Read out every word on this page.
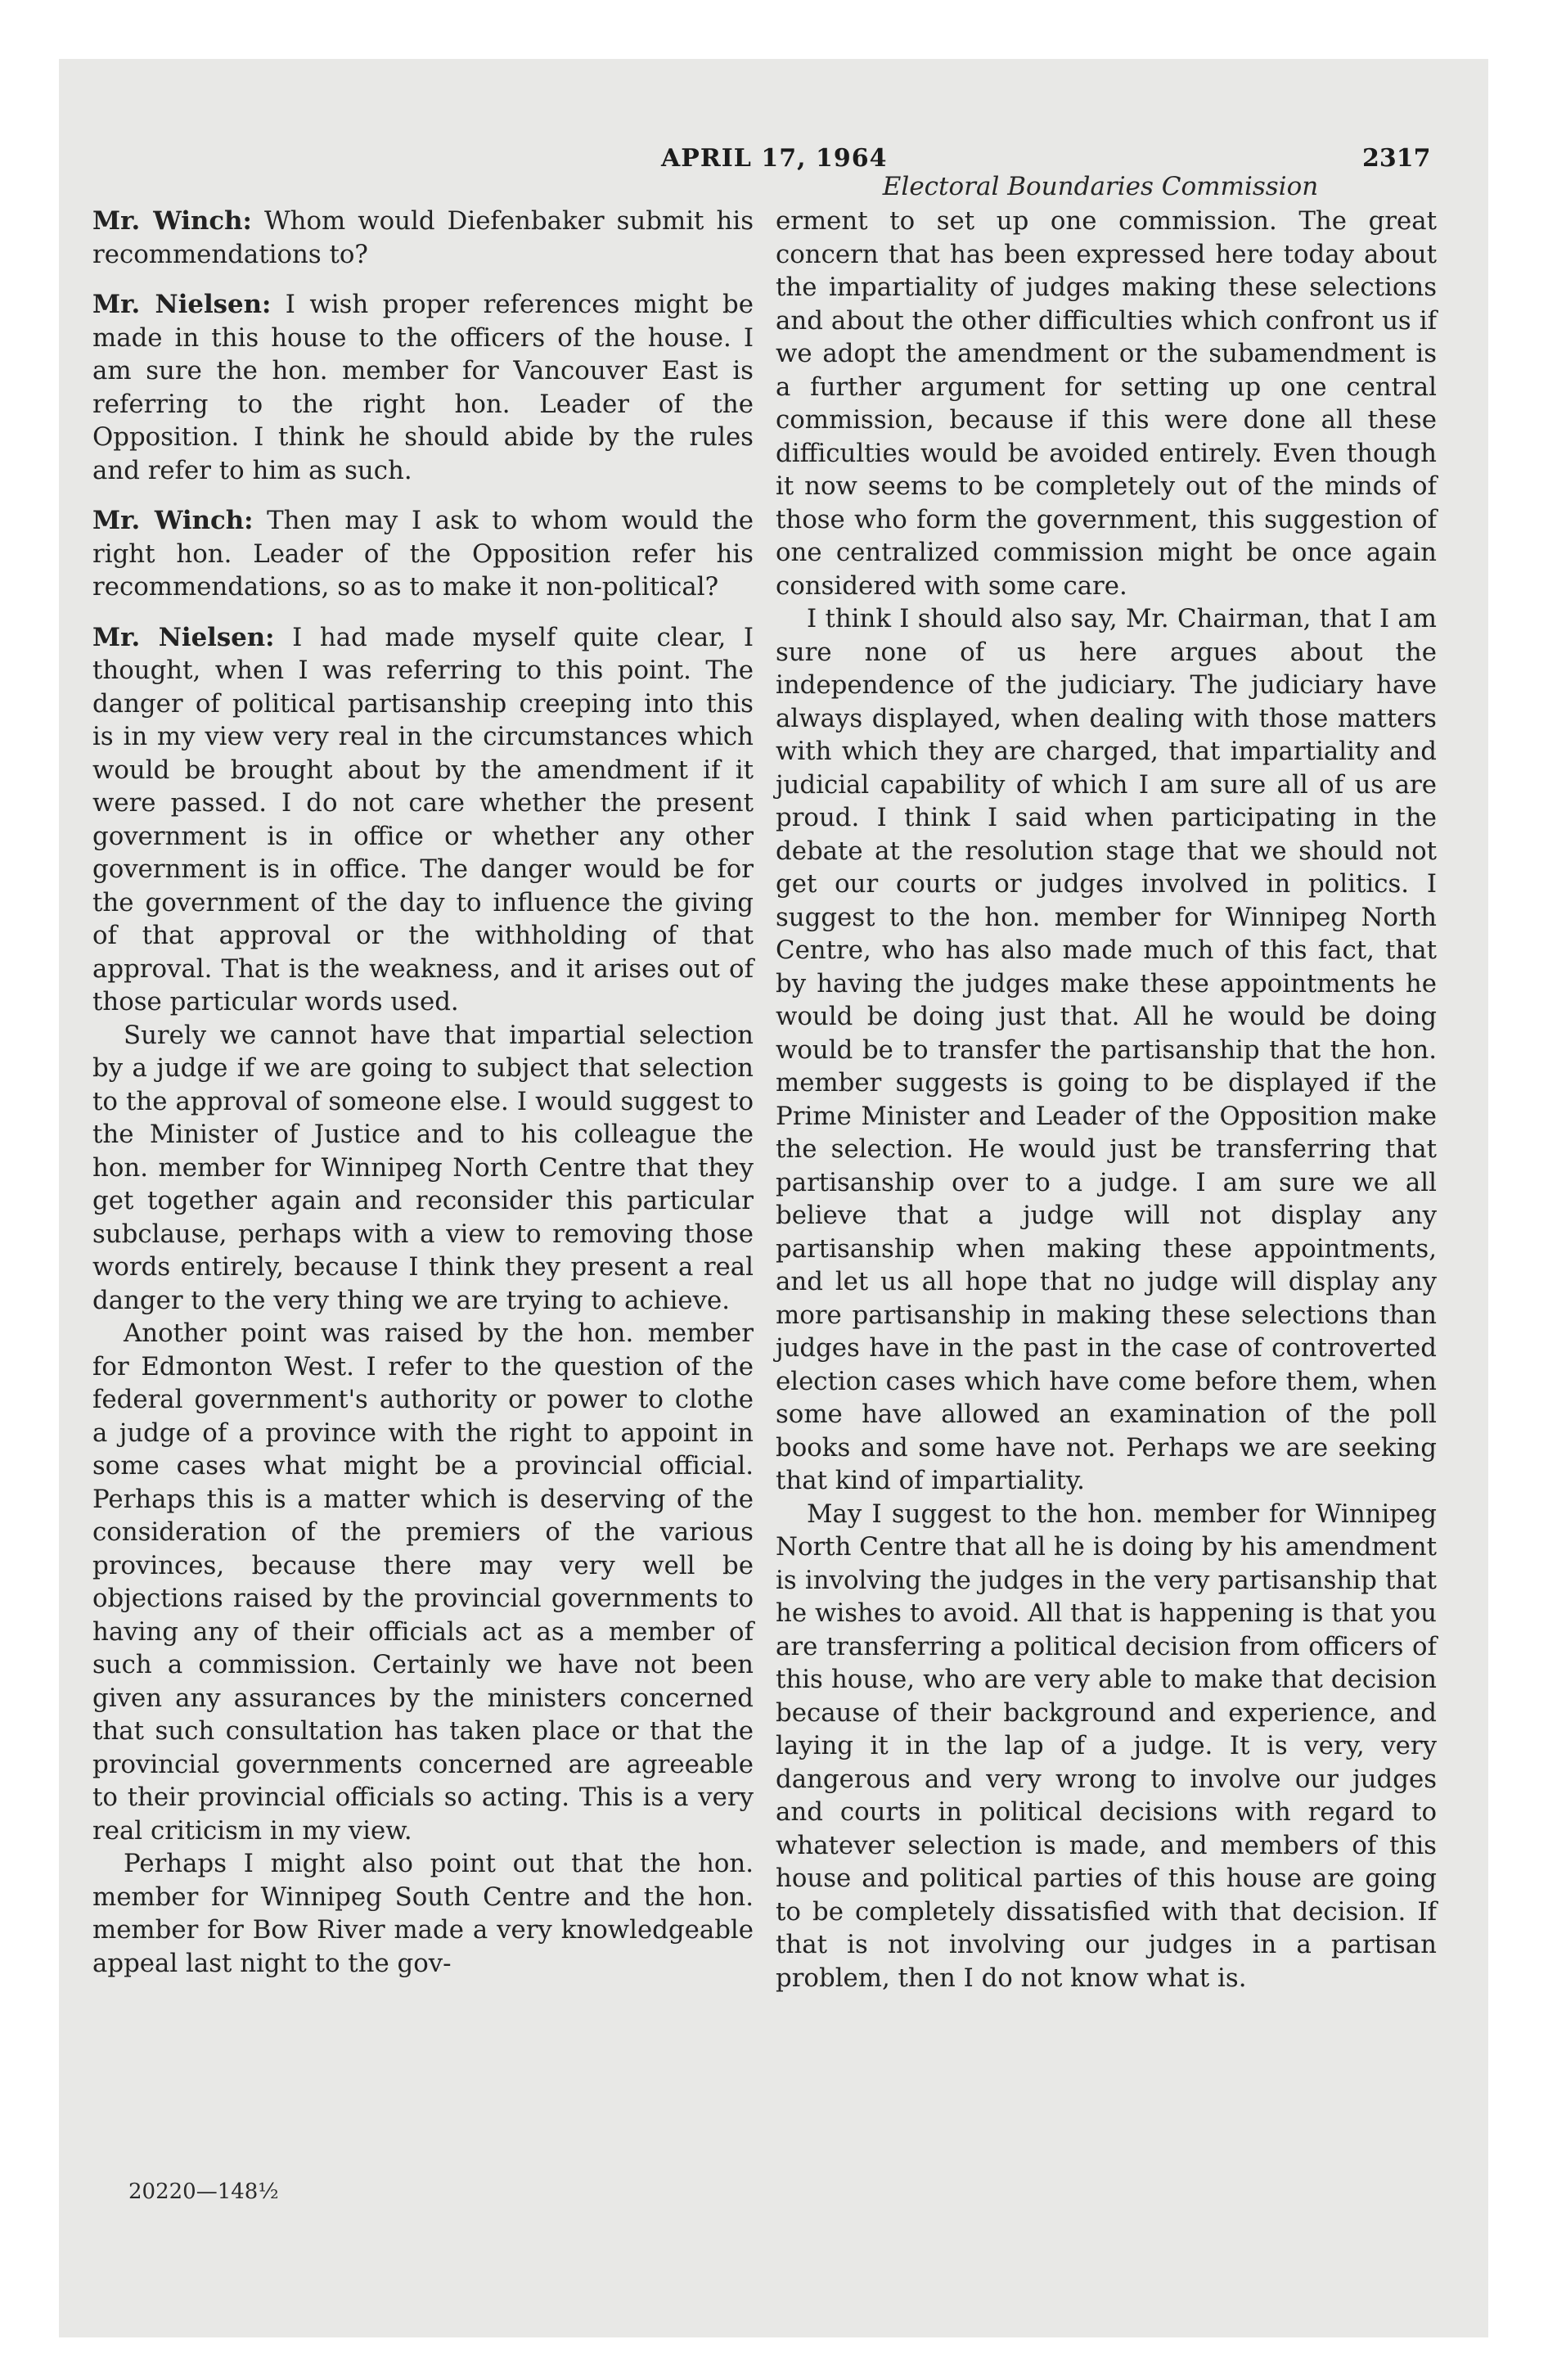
APRIL 17, 1964	2317
Electoral Boundaries Commission

Mr. Winch: Whom would Diefenbaker submit his recommendations to?

Mr. Nielsen: I wish proper references might be made in this house to the officers of the house. I am sure the hon. member for Vancouver East is referring to the right hon. Leader of the Opposition. I think he should abide by the rules and refer to him as such.

Mr. Winch: Then may I ask to whom would the right hon. Leader of the Opposition refer his recommendations, so as to make it non-political?

Mr. Nielsen: I had made myself quite clear, I thought, when I was referring to this point. The danger of political partisanship creeping into this is in my view very real in the circumstances which would be brought about by the amendment if it were passed. I do not care whether the present government is in office or whether any other government is in office. The danger would be for the government of the day to influence the giving of that approval or the withholding of that approval. That is the weakness, and it arises out of those particular words used.

Surely we cannot have that impartial selection by a judge if we are going to subject that selection to the approval of someone else. I would suggest to the Minister of Justice and to his colleague the hon. member for Winnipeg North Centre that they get together again and reconsider this particular subclause, perhaps with a view to removing those words entirely, because I think they present a real danger to the very thing we are trying to achieve.

Another point was raised by the hon. member for Edmonton West. I refer to the question of the federal government's authority or power to clothe a judge of a province with the right to appoint in some cases what might be a provincial official. Perhaps this is a matter which is deserving of the consideration of the premiers of the various provinces, because there may very well be objections raised by the provincial governments to having any of their officials act as a member of such a commission. Certainly we have not been given any assurances by the ministers concerned that such consultation has taken place or that the provincial governments concerned are agreeable to their provincial officials so acting. This is a very real criticism in my view.

Perhaps I might also point out that the hon. member for Winnipeg South Centre and the hon. member for Bow River made a very knowledgeable appeal last night to the gov-

erment to set up one commission. The great concern that has been expressed here today about the impartiality of judges making these selections and about the other difficulties which confront us if we adopt the amendment or the subamendment is a further argument for setting up one central commission, because if this were done all these difficulties would be avoided entirely. Even though it now seems to be completely out of the minds of those who form the government, this suggestion of one centralized commission might be once again considered with some care.

I think I should also say, Mr. Chairman, that I am sure none of us here argues about the independence of the judiciary. The judiciary have always displayed, when dealing with those matters with which they are charged, that impartiality and judicial capability of which I am sure all of us are proud. I think I said when participating in the debate at the resolution stage that we should not get our courts or judges involved in politics. I suggest to the hon. member for Winnipeg North Centre, who has also made much of this fact, that by having the judges make these appointments he would be doing just that. All he would be doing would be to transfer the partisanship that the hon. member suggests is going to be displayed if the Prime Minister and Leader of the Opposition make the selection. He would just be transferring that partisanship over to a judge. I am sure we all believe that a judge will not display any partisanship when making these appointments, and let us all hope that no judge will display any more partisanship in making these selections than judges have in the past in the case of controverted election cases which have come before them, when some have allowed an examination of the poll books and some have not. Perhaps we are seeking that kind of impartiality.

May I suggest to the hon. member for Winnipeg North Centre that all he is doing by his amendment is involving the judges in the very partisanship that he wishes to avoid. All that is happening is that you are transferring a political decision from officers of this house, who are very able to make that decision because of their background and experience, and laying it in the lap of a judge. It is very, very dangerous and very wrong to involve our judges and courts in political decisions with regard to whatever selection is made, and members of this house and political parties of this house are going to be completely dissatisfied with that decision. If that is not involving our judges in a partisan problem, then I do not know what is.

20220—148½
